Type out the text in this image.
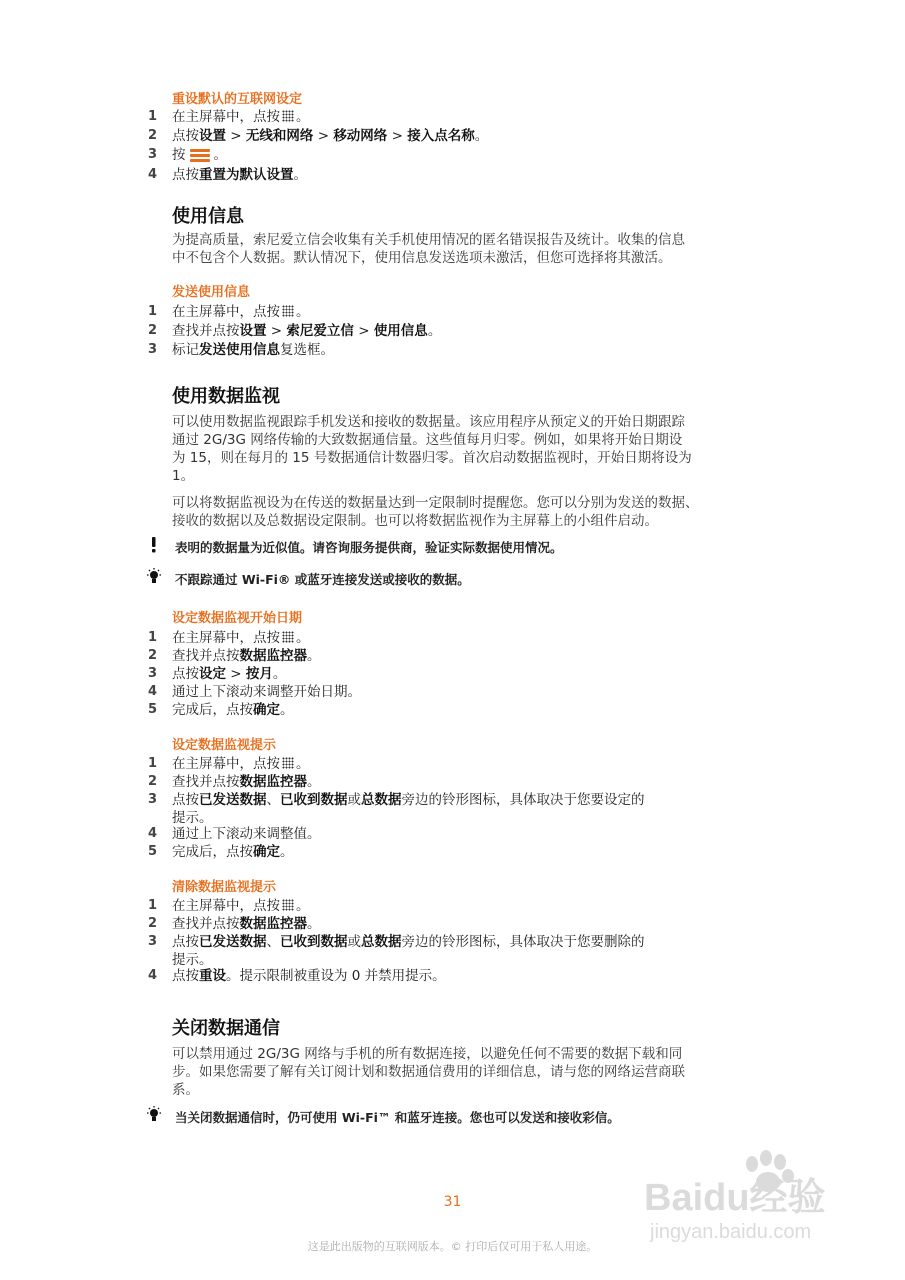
重设默认的互联网设定
1	在主屏幕中，点按 。
2	点按设置 > 无线和网络 > 移动网络 > 接入点名称。
3	按 。
4	点按重置为默认设置。
使用信息
为提高质量，索尼爱立信会收集有关手机使用情况的匿名错误报告及统计。收集的信息
中不包含个人数据。默认情况下，使用信息发送选项未激活，但您可选择将其激活。
发送使用信息
1	在主屏幕中，点按 。
2	查找并点按设置 > 索尼爱立信 > 使用信息。
3	标记发送使用信息复选框。
使用数据监视
可以使用数据监视跟踪手机发送和接收的数据量。该应用程序从预定义的开始日期跟踪
通过 2G/3G 网络传输的大致数据通信量。这些值每月归零。例如，如果将开始日期设
为 15，则在每月的 15 号数据通信计数器归零。首次启动数据监视时，开始日期将设为
1。
可以将数据监视设为在传送的数据量达到一定限制时提醒您。您可以分别为发送的数据、
接收的数据以及总数据设定限制。也可以将数据监视作为主屏幕上的小组件启动。
表明的数据量为近似值。请咨询服务提供商，验证实际数据使用情况。
不跟踪通过 Wi-Fi® 或蓝牙连接发送或接收的数据。
设定数据监视开始日期
1	在主屏幕中，点按 。
2	查找并点按数据监控器。
3	点按设定 > 按月。
4	通过上下滚动来调整开始日期。
5	完成后，点按确定。
设定数据监视提示
1	在主屏幕中，点按 。
2	查找并点按数据监控器。
3	点按已发送数据、已收到数据或总数据旁边的铃形图标，具体取决于您要设定的
提示。
4	通过上下滚动来调整值。
5	完成后，点按确定。
清除数据监视提示
1	在主屏幕中，点按 。
2	查找并点按数据监控器。
3	点按已发送数据、已收到数据或总数据旁边的铃形图标，具体取决于您要删除的
提示。
4	点按重设。提示限制被重设为 0 并禁用提示。
关闭数据通信
可以禁用通过 2G/3G 网络与手机的所有数据连接，以避免任何不需要的数据下载和同
步。如果您需要了解有关订阅计划和数据通信费用的详细信息，请与您的网络运营商联
系。
当关闭数据通信时，仍可使用 Wi-Fi™ 和蓝牙连接。您也可以发送和接收彩信。
Baidu经验
jingyan.baidu.com
31
这是此出版物的互联网版本。© 打印后仅可用于私人用途。
